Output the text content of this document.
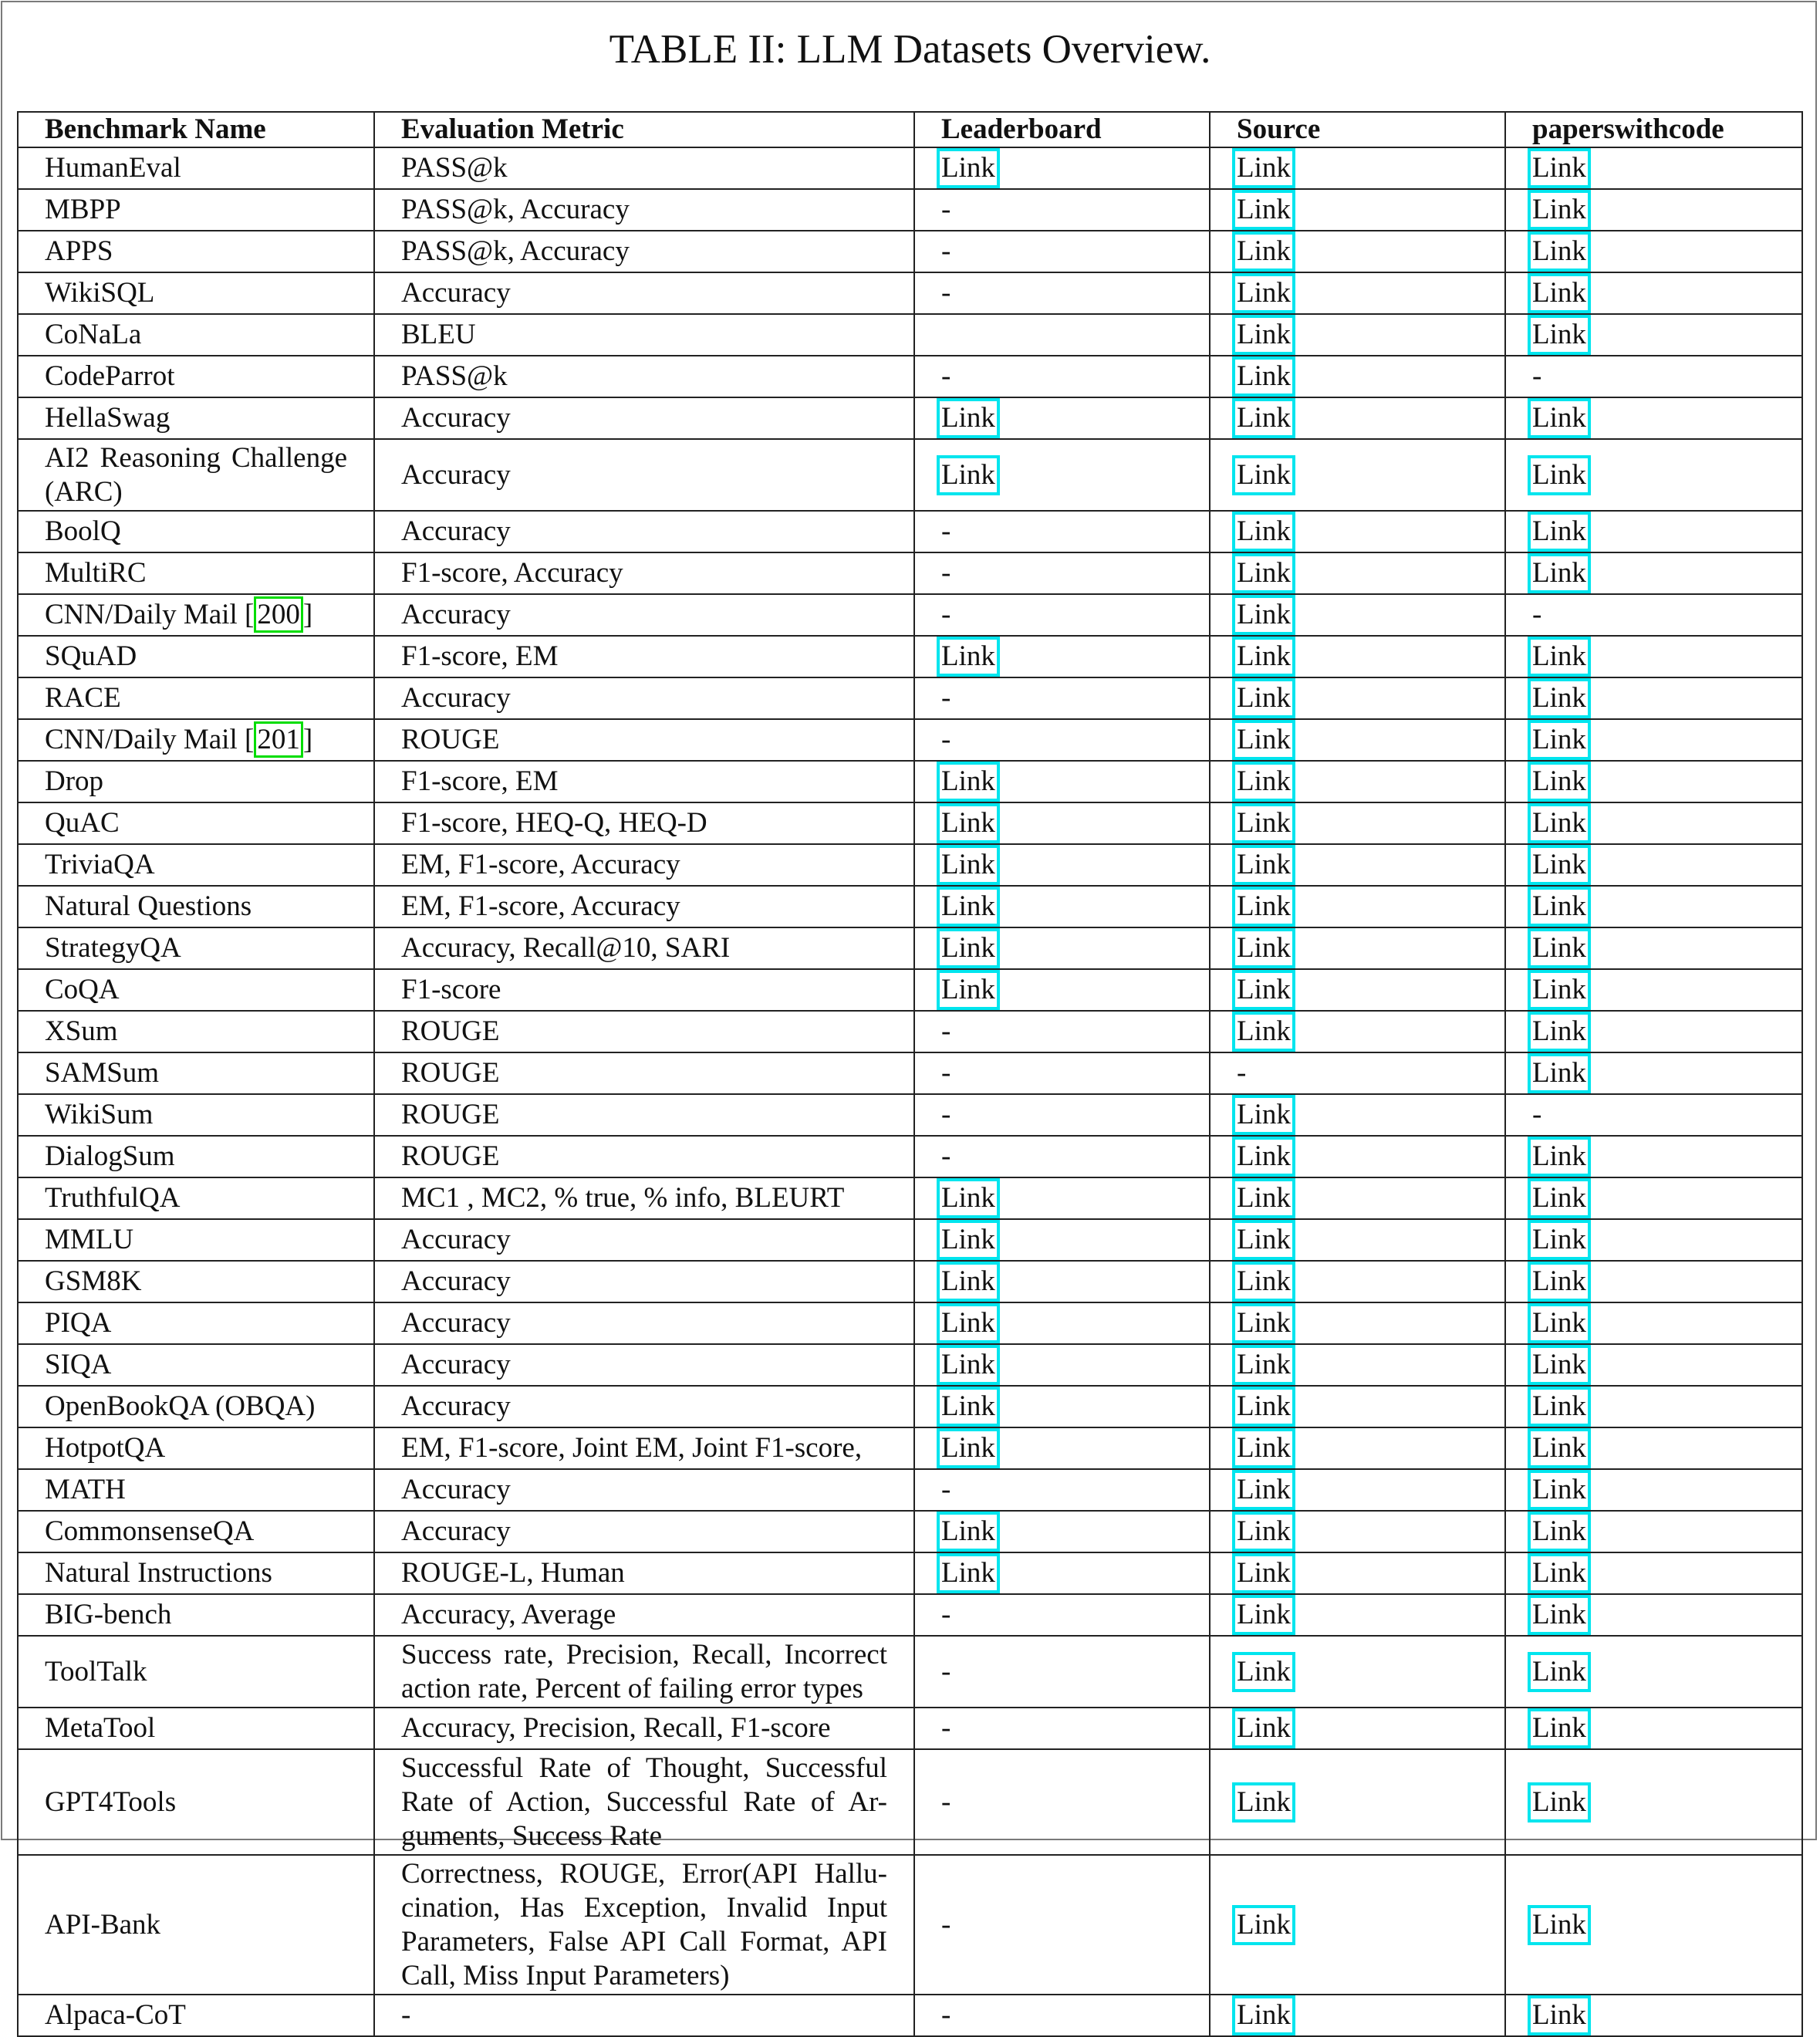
TABLE II: LLM Datasets Overview.
Benchmark Name	Evaluation Metric	Leaderboard	Source	paperswithcode
HumanEval	PASS@k	Link	Link	Link
MBPP	PASS@k, Accuracy	-	Link	Link
APPS	PASS@k, Accuracy	-	Link	Link
WikiSQL	Accuracy	-	Link	Link
CoNaLa	BLEU		Link	Link
CodeParrot	PASS@k	-	Link	-
HellaSwag	Accuracy	Link	Link	Link
AI2 Reasoning Challenge (ARC)	Accuracy	Link	Link	Link
BoolQ	Accuracy	-	Link	Link
MultiRC	F1-score, Accuracy	-	Link	Link
CNN/Daily Mail [ 200 ]	Accuracy	-	Link	-
SQuAD	F1-score, EM	Link	Link	Link
RACE	Accuracy	-	Link	Link
CNN/Daily Mail [ 201 ]	ROUGE	-	Link	Link
Drop	F1-score, EM	Link	Link	Link
QuAC	F1-score, HEQ-Q, HEQ-D	Link	Link	Link
TriviaQA	EM, F1-score, Accuracy	Link	Link	Link
Natural Questions	EM, F1-score, Accuracy	Link	Link	Link
StrategyQA	Accuracy, Recall@10, SARI	Link	Link	Link
CoQA	F1-score	Link	Link	Link
XSum	ROUGE	-	Link	Link
SAMSum	ROUGE	-	-	Link
WikiSum	ROUGE	-	Link	-
DialogSum	ROUGE	-	Link	Link
TruthfulQA	MC1 , MC2, % true, % info, BLEURT	Link	Link	Link
MMLU	Accuracy	Link	Link	Link
GSM8K	Accuracy	Link	Link	Link
PIQA	Accuracy	Link	Link	Link
SIQA	Accuracy	Link	Link	Link
OpenBookQA (OBQA)	Accuracy	Link	Link	Link
HotpotQA	EM, F1-score, Joint EM, Joint F1-score,	Link	Link	Link
MATH	Accuracy	-	Link	Link
CommonsenseQA	Accuracy	Link	Link	Link
Natural Instructions	ROUGE-L, Human	Link	Link	Link
BIG-bench	Accuracy, Average	-	Link	Link
ToolTalk	Success rate, Precision, Recall, Incorrect action rate, Percent of failing error types	-	Link	Link
MetaTool	Accuracy, Precision, Recall, F1-score	-	Link	Link
GPT4Tools	Successful Rate of Thought, Successful Rate of Action, Successful Rate of Ar- guments, Success Rate	-	Link	Link
API-Bank	Correctness, ROUGE, Error(API Hallu- cination, Has Exception, Invalid Input Parameters, False API Call Format, API Call, Miss Input Parameters)	-	Link	Link
Alpaca-CoT	-	-	Link	Link
